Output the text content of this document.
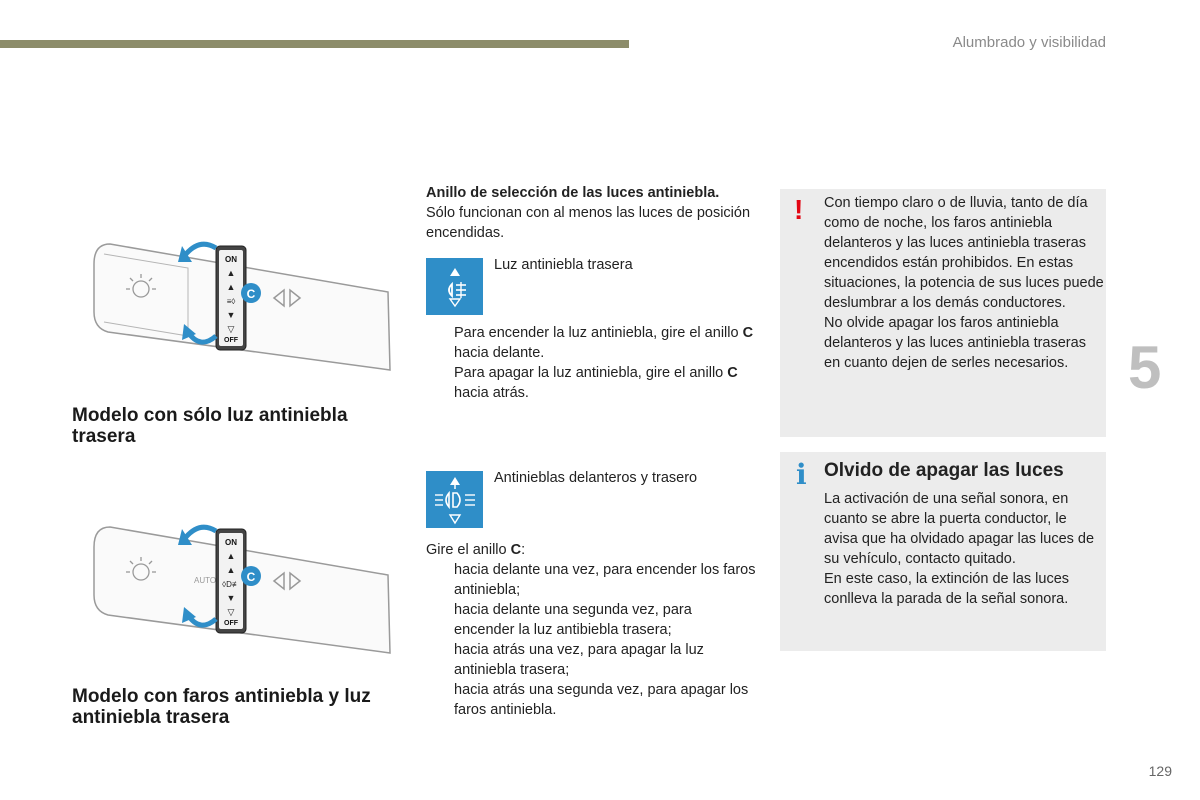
Alumbrado y visibilidad
5
129
ON
▲
▲
≡◊
▼
▽
OFF
C
AUTO
ON
▲
▲
◊D≢
▼
▽
OFF
C
Modelo con sólo luz antiniebla trasera
Modelo con faros antiniebla y luz antiniebla trasera
Anillo de selección de las luces antiniebla.
Sólo funcionan con al menos las luces de posición encendidas.
Luz antiniebla trasera
Para encender la luz antiniebla, gire el anillo C hacia delante.
Para apagar la luz antiniebla, gire el anillo C hacia atrás.
Antinieblas delanteros y trasero
Gire el anillo C:
hacia delante una vez, para encender los faros antiniebla;
hacia delante una segunda vez, para encender la luz antibiebla trasera;
hacia atrás una vez, para apagar la luz antiniebla trasera;
hacia atrás una segunda vez, para apagar los faros antiniebla.
! Con tiempo claro o de lluvia, tanto de día como de noche, los faros antiniebla delanteros y las luces antiniebla traseras encendidos están prohibidos. En estas situaciones, la potencia de sus luces puede deslumbrar a los demás conductores.
No olvide apagar los faros antiniebla delanteros y las luces antiniebla traseras en cuanto dejen de serles necesarios.
i Olvido de apagar las luces
La activación de una señal sonora, en cuanto se abre la puerta conductor, le avisa que ha olvidado apagar las luces de su vehículo, contacto quitado.
En este caso, la extinción de las luces conlleva la parada de la señal sonora.
